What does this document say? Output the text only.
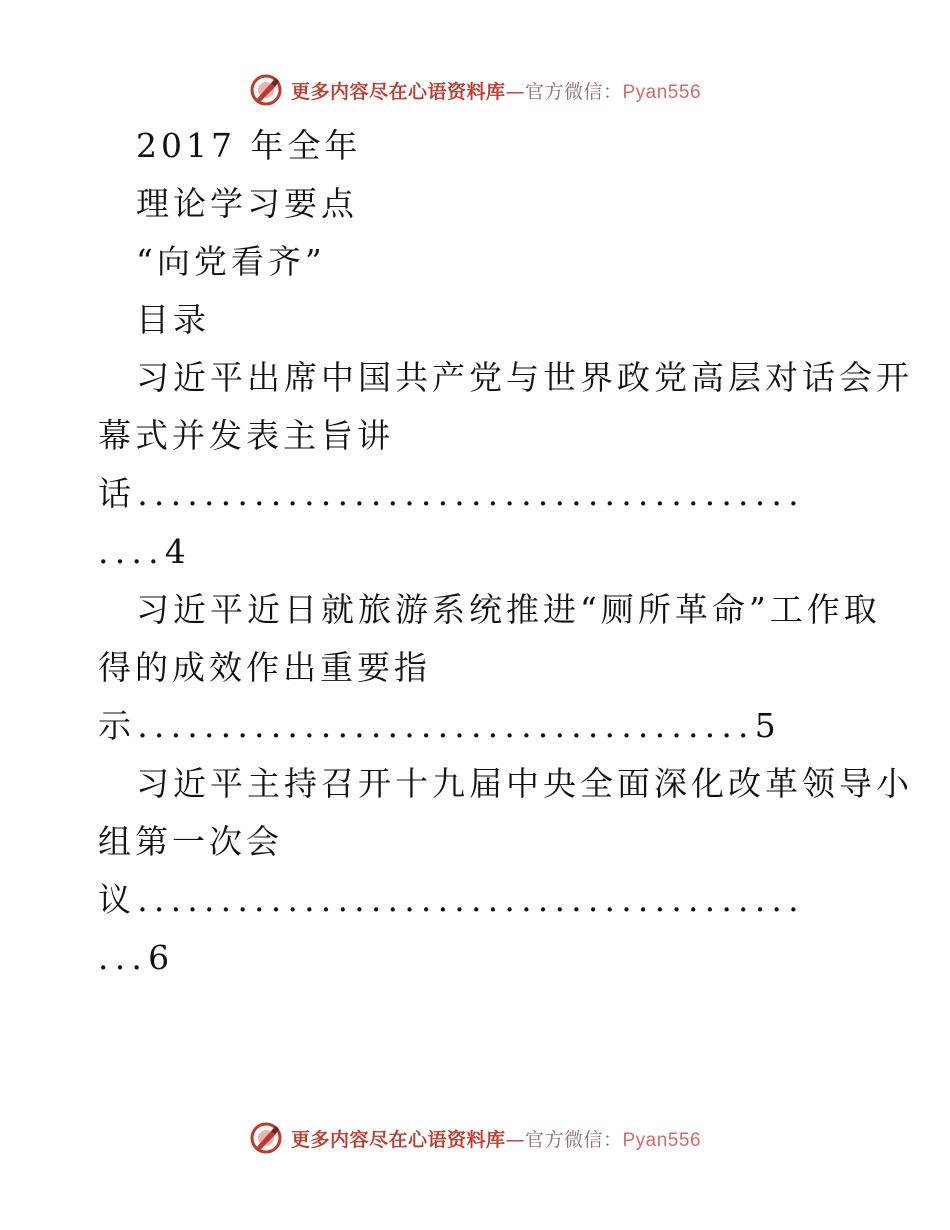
更多内容尽在心语资料库—官方微信：Pyan556
2017 年全年
理论学习要点
“向党看齐”
目录
习近平出席中国共产党与世界政党高层对话会开
幕式并发表主旨讲
话........................................
....4
习近平近日就旅游系统推进“厕所革命”工作取
得的成效作出重要指
示.....................................5
习近平主持召开十九届中央全面深化改革领导小
组第一次会
议........................................
...6
更多内容尽在心语资料库—官方微信：Pyan556
